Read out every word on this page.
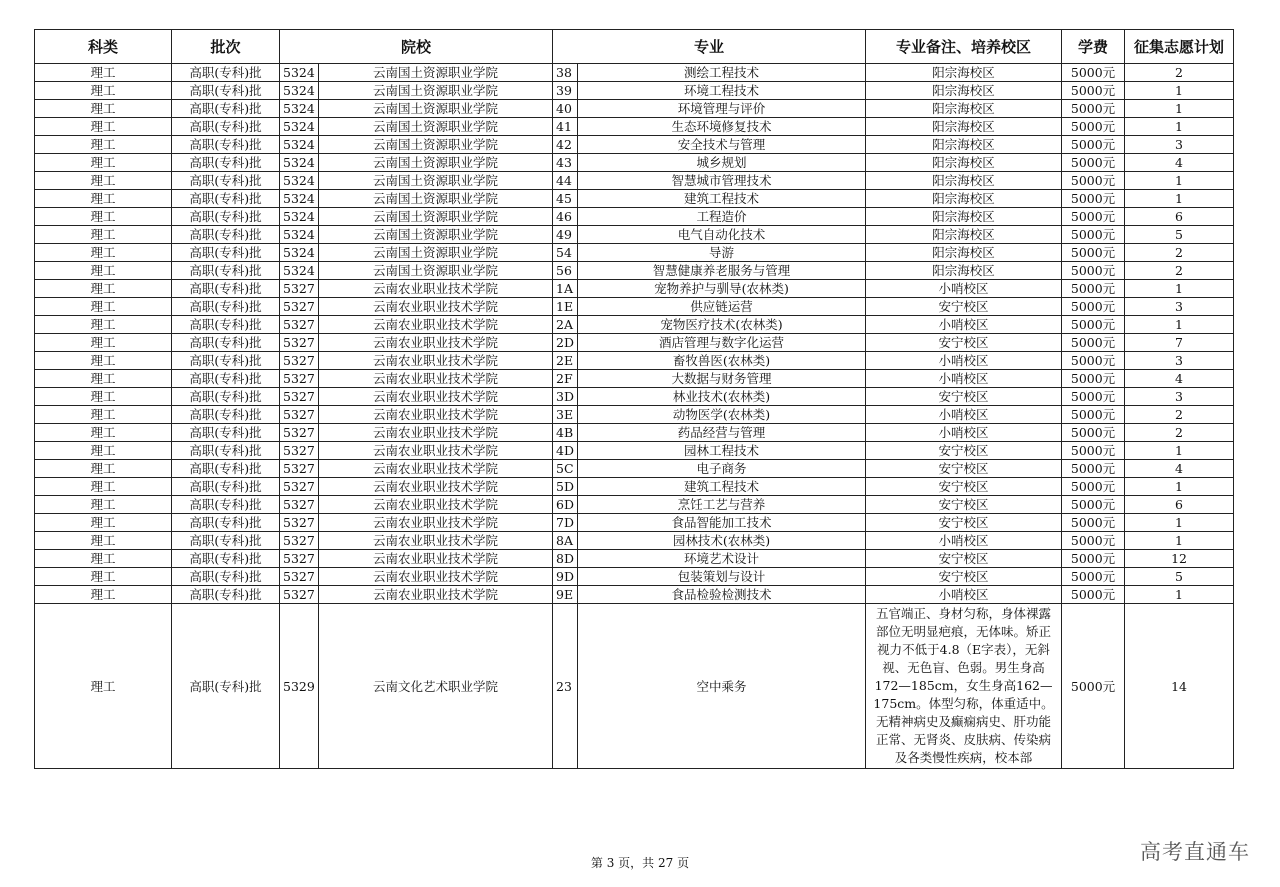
科类	批次	院校		专业		专业备注、培养校区	学费	征集志愿计划
理工	高职(专科)批	5324	云南国土资源职业学院	38	测绘工程技术	阳宗海校区	5000元	2
理工	高职(专科)批	5324	云南国土资源职业学院	39	环境工程技术	阳宗海校区	5000元	1
理工	高职(专科)批	5324	云南国土资源职业学院	40	环境管理与评价	阳宗海校区	5000元	1
理工	高职(专科)批	5324	云南国土资源职业学院	41	生态环境修复技术	阳宗海校区	5000元	1
理工	高职(专科)批	5324	云南国土资源职业学院	42	安全技术与管理	阳宗海校区	5000元	3
理工	高职(专科)批	5324	云南国土资源职业学院	43	城乡规划	阳宗海校区	5000元	4
理工	高职(专科)批	5324	云南国土资源职业学院	44	智慧城市管理技术	阳宗海校区	5000元	1
理工	高职(专科)批	5324	云南国土资源职业学院	45	建筑工程技术	阳宗海校区	5000元	1
理工	高职(专科)批	5324	云南国土资源职业学院	46	工程造价	阳宗海校区	5000元	6
理工	高职(专科)批	5324	云南国土资源职业学院	49	电气自动化技术	阳宗海校区	5000元	5
理工	高职(专科)批	5324	云南国土资源职业学院	54	导游	阳宗海校区	5000元	2
理工	高职(专科)批	5324	云南国土资源职业学院	56	智慧健康养老服务与管理	阳宗海校区	5000元	2
理工	高职(专科)批	5327	云南农业职业技术学院	1A	宠物养护与驯导(农林类)	小哨校区	5000元	1
理工	高职(专科)批	5327	云南农业职业技术学院	1E	供应链运营	安宁校区	5000元	3
理工	高职(专科)批	5327	云南农业职业技术学院	2A	宠物医疗技术(农林类)	小哨校区	5000元	1
理工	高职(专科)批	5327	云南农业职业技术学院	2D	酒店管理与数字化运营	安宁校区	5000元	7
理工	高职(专科)批	5327	云南农业职业技术学院	2E	畜牧兽医(农林类)	小哨校区	5000元	3
理工	高职(专科)批	5327	云南农业职业技术学院	2F	大数据与财务管理	小哨校区	5000元	4
理工	高职(专科)批	5327	云南农业职业技术学院	3D	林业技术(农林类)	安宁校区	5000元	3
理工	高职(专科)批	5327	云南农业职业技术学院	3E	动物医学(农林类)	小哨校区	5000元	2
理工	高职(专科)批	5327	云南农业职业技术学院	4B	药品经营与管理	小哨校区	5000元	2
理工	高职(专科)批	5327	云南农业职业技术学院	4D	园林工程技术	安宁校区	5000元	1
理工	高职(专科)批	5327	云南农业职业技术学院	5C	电子商务	安宁校区	5000元	4
理工	高职(专科)批	5327	云南农业职业技术学院	5D	建筑工程技术	安宁校区	5000元	1
理工	高职(专科)批	5327	云南农业职业技术学院	6D	烹饪工艺与营养	安宁校区	5000元	6
理工	高职(专科)批	5327	云南农业职业技术学院	7D	食品智能加工技术	安宁校区	5000元	1
理工	高职(专科)批	5327	云南农业职业技术学院	8A	园林技术(农林类)	小哨校区	5000元	1
理工	高职(专科)批	5327	云南农业职业技术学院	8D	环境艺术设计	安宁校区	5000元	12
理工	高职(专科)批	5327	云南农业职业技术学院	9D	包装策划与设计	安宁校区	5000元	5
理工	高职(专科)批	5327	云南农业职业技术学院	9E	食品检验检测技术	小哨校区	5000元	1
理工	高职(专科)批	5329	云南文化艺术职业学院	23	空中乘务	五官端正、身材匀称，身体裸露部位无明显疤痕，无体味。矫正视力不低于4.8（E字表），无斜视、无色盲、色弱。男生身高172—185cm，女生身高162—175cm。体型匀称，体重适中。无精神病史及癫痫病史、肝功能正常、无肾炎、皮肤病、传染病及各类慢性疾病，校本部	5000元	14
第 3 页，共 27 页	高考直通车
